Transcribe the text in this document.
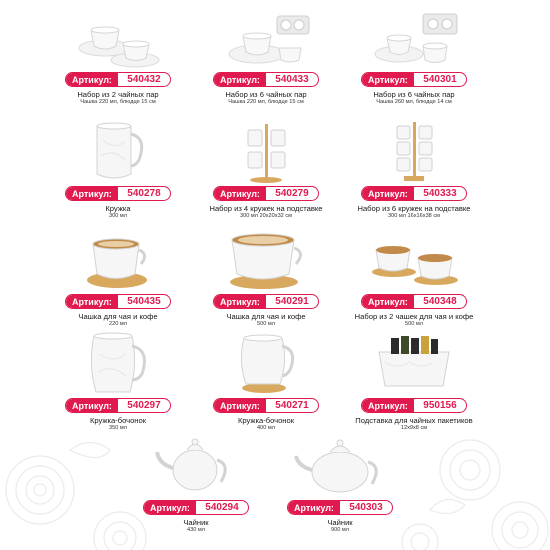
Артикул:	540432
Набор из 2 чайных пар
Чашка 220 мл, блюдце 15 см
Артикул:	540433
Набор из 6 чайных пар
Чашка 220 мл, блюдце 15 см
Артикул:	540301
Набор из 6 чайных пар
Чашка 260 мл, блюдце 14 см
Артикул:	540278
Кружка
300 мл
Артикул:	540279
Набор из 4 кружек на подставке
300 мл 20х20х32 см
Артикул:	540333
Набор из 6 кружек на подставке
300 мл 16х16х38 см
Артикул:	540435
Чашка для чая и кофе
220 мл
Артикул:	540291
Чашка для чая и кофе
500 мл
Артикул:	540348
Набор из 2 чашек для чая и кофе
500 мл
Артикул:	540297
Кружка-бочонок
350 мл
Артикул:	540271
Кружка-бочонок
400 мл
Артикул:	950156
Подставка для чайных пакетиков
12х9х8 см
Артикул:	540294
Чайник
430 мл
Артикул:	540303
Чайник
900 мл
